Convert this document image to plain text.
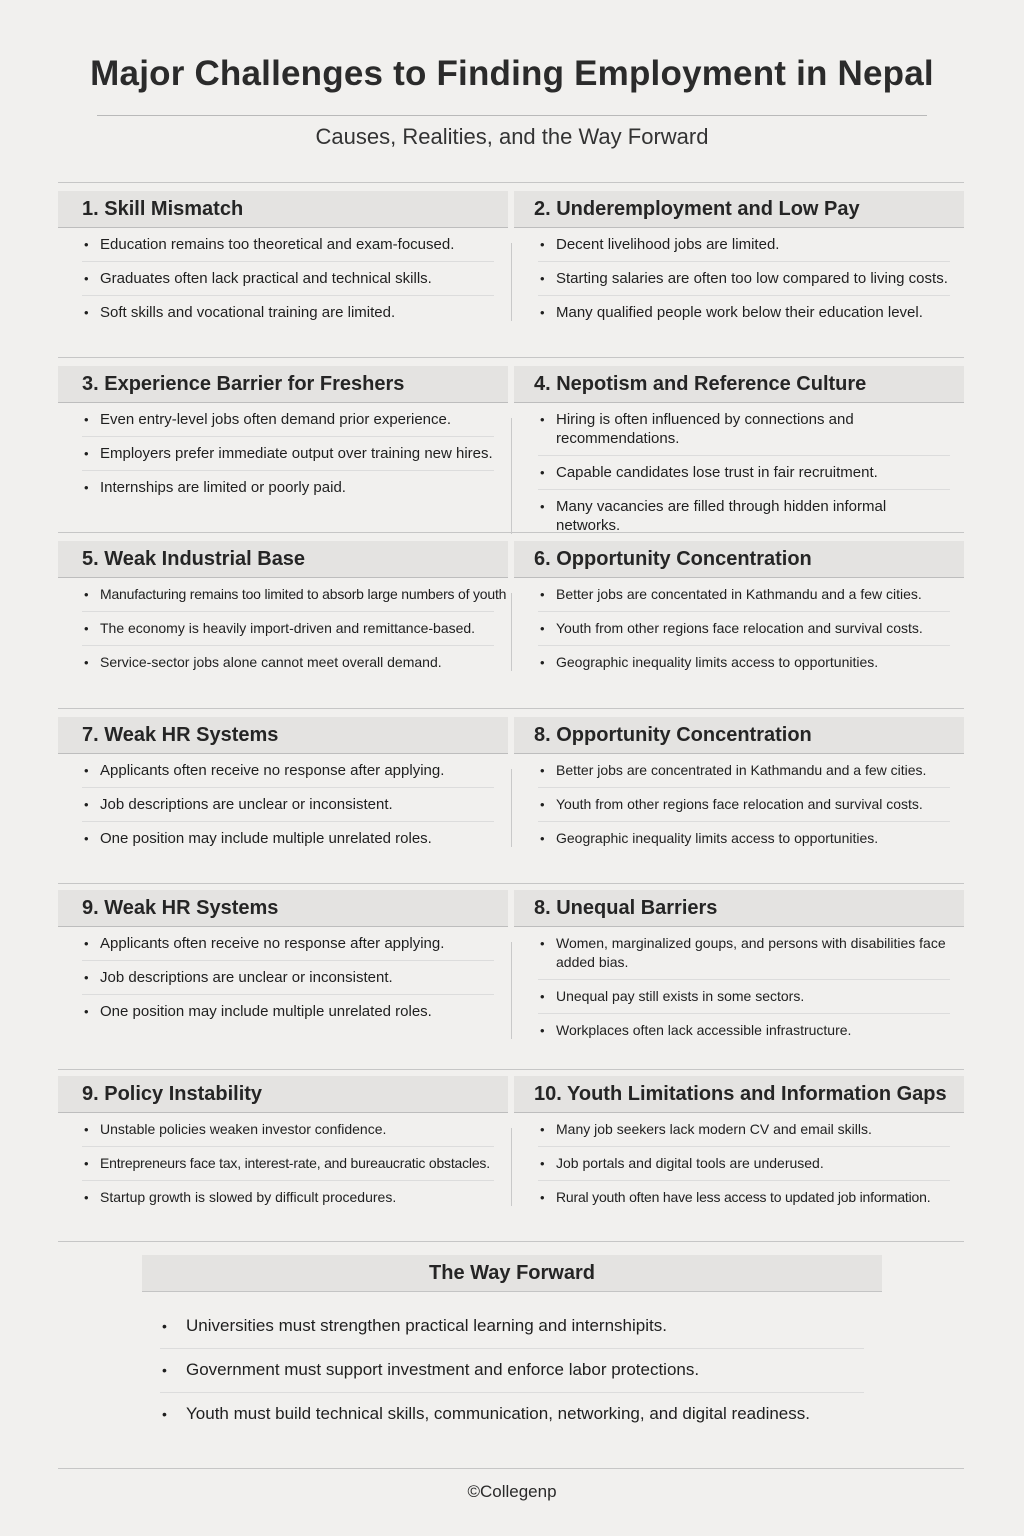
Major Challenges to Finding Employment in Nepal
Causes, Realities, and the Way Forward
1. Skill Mismatch
• Education remains too theoretical and exam-focused.
• Graduates often lack practical and technical skills.
• Soft skills and vocational training are limited.
2. Underemployment and Low Pay
• Decent livelihood jobs are limited.
• Starting salaries are often too low compared to living costs.
• Many qualified people work below their education level.
3. Experience Barrier for Freshers
• Even entry-level jobs often demand prior experience.
• Employers prefer immediate output over training new hires.
• Internships are limited or poorly paid.
4. Nepotism and Reference Culture
• Hiring is often influenced by connections and recommendations.
• Capable candidates lose trust in fair recruitment.
• Many vacancies are filled through hidden informal networks.
5. Weak Industrial Base
• Manufacturing remains too limited to absorb large numbers of youth
• The economy is heavily import-driven and remittance-based.
• Service-sector jobs alone cannot meet overall demand.
6. Opportunity Concentration
• Better jobs are concentated in Kathmandu and a few cities.
• Youth from other regions face relocation and survival costs.
• Geographic inequality limits access to opportunities.
7. Weak HR Systems
• Applicants often receive no response after applying.
• Job descriptions are unclear or inconsistent.
• One position may include multiple unrelated roles.
8. Opportunity Concentration
• Better jobs are concentrated in Kathmandu and a few cities.
• Youth from other regions face relocation and survival costs.
• Geographic inequality limits access to opportunities.
9. Weak HR Systems
• Applicants often receive no response after applying.
• Job descriptions are unclear or inconsistent.
• One position may include multiple unrelated roles.
8. Unequal Barriers
• Women, marginalized goups, and persons with disabilities face added bias.
• Unequal pay still exists in some sectors.
• Workplaces often lack accessible infrastructure.
9. Policy Instability
• Unstable policies weaken investor confidence.
• Entrepreneurs face tax, interest-rate, and bureaucratic obstacles.
• Startup growth is slowed by difficult procedures.
10. Youth Limitations and Information Gaps
• Many job seekers lack modern CV and email skills.
• Job portals and digital tools are underused.
• Rural youth often have less access to updated job information.
The Way Forward
• Universities must strengthen practical learning and internshipits.
• Government must support investment and enforce labor protections.
• Youth must build technical skills, communication, networking, and digital readiness.
©Collegenp
